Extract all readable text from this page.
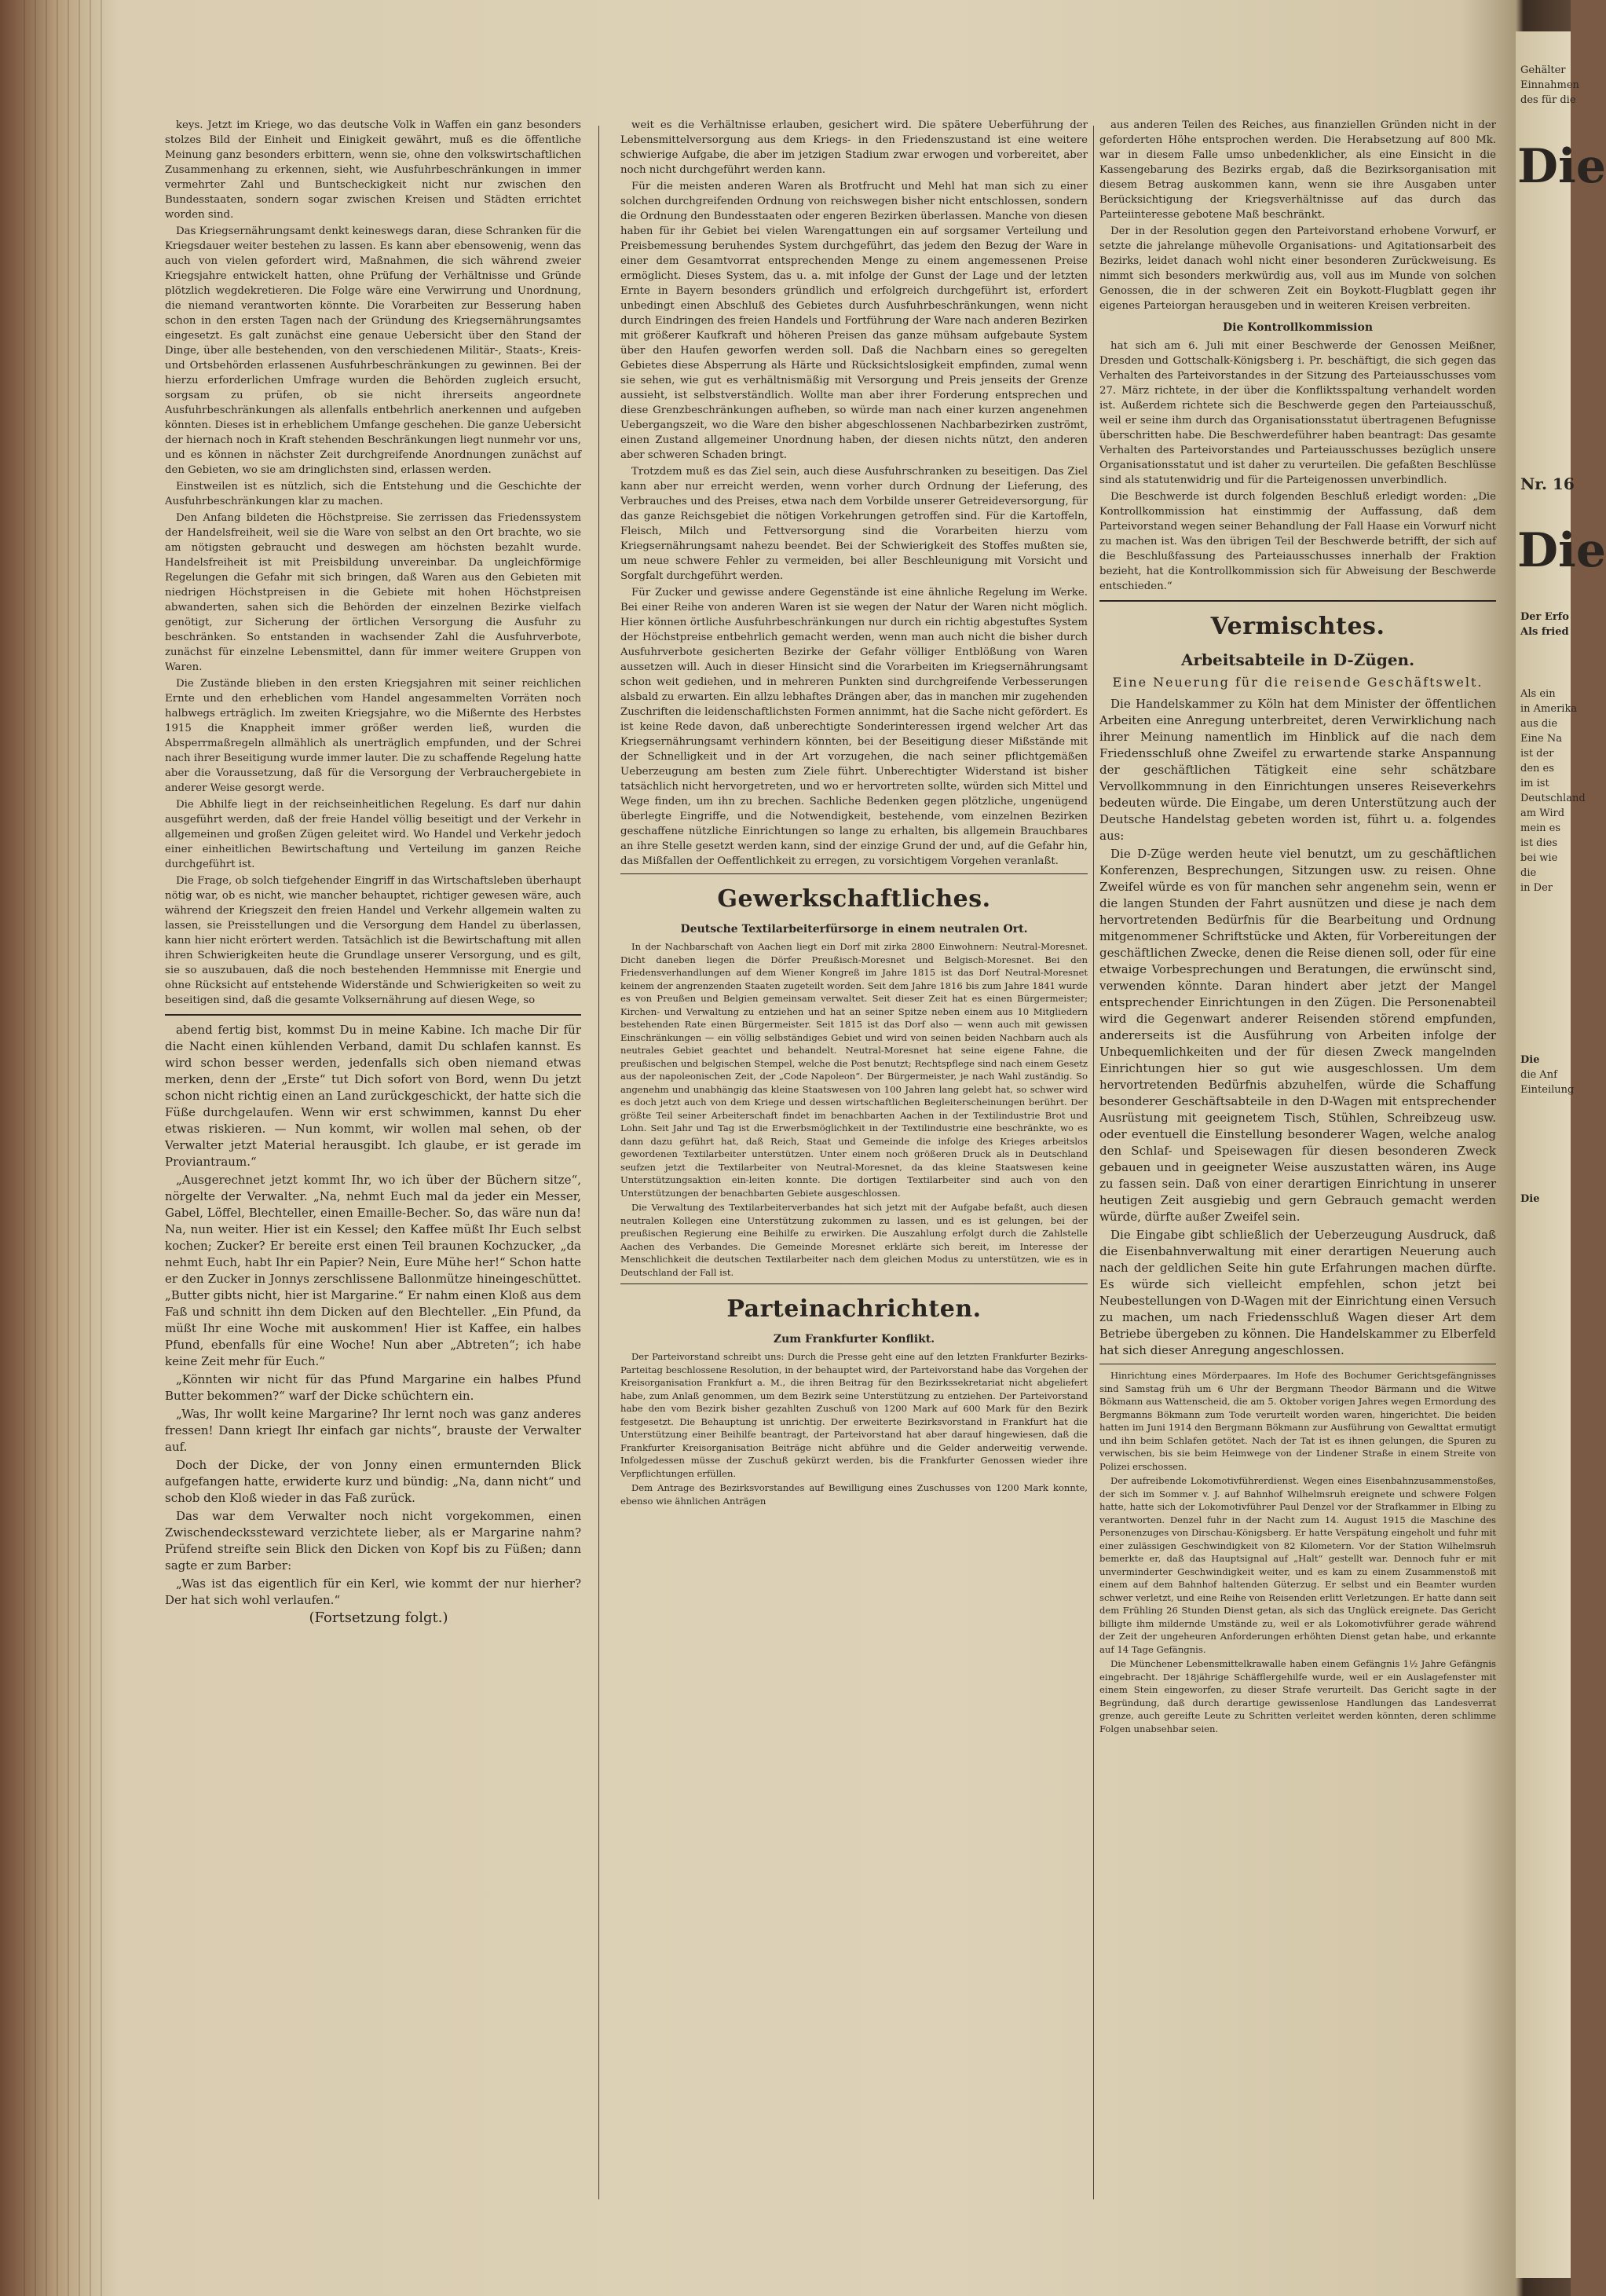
Gehälter
Einnahmen
des für die
Die
Nr. 16
Die
Der Erfo
Als fried
Als ein
in Amerika
aus die
Eine Na
ist der
den es
im ist
Deutschland
am Wird
mein es
ist dies
bei wie
die
in Der
Die
die Anf
Einteilung
Die

keys. Jetzt im Kriege, wo das deutsche Volk in Waffen ein ganz besonders stolzes Bild der Einheit und Einigkeit gewährt, muß es die öffentliche Meinung ganz besonders erbittern, wenn sie, ohne den volkswirtschaftlichen Zusammenhang zu erkennen, sieht, wie Ausfuhrbeschränkungen in immer vermehrter Zahl und Buntscheckigkeit nicht nur zwischen den Bundesstaaten, sondern sogar zwischen Kreisen und Städten errichtet worden sind.

Das Kriegsernährungsamt denkt keineswegs daran, diese Schranken für die Kriegsdauer weiter bestehen zu lassen. Es kann aber ebensowenig, wenn das auch von vielen gefordert wird, Maßnahmen, die sich während zweier Kriegsjahre entwickelt hatten, ohne Prüfung der Verhältnisse und Gründe plötzlich wegdekretieren. Die Folge wäre eine Verwirrung und Unordnung, die niemand verantworten könnte. Die Vorarbeiten zur Besserung haben schon in den ersten Tagen nach der Gründung des Kriegsernährungsamtes eingesetzt. Es galt zunächst eine genaue Uebersicht über den Stand der Dinge, über alle bestehenden, von den verschiedenen Militär-, Staats-, Kreis- und Ortsbehörden erlassenen Ausfuhrbeschränkungen zu gewinnen. Bei der hierzu erforderlichen Umfrage wurden die Behörden zugleich ersucht, sorgsam zu prüfen, ob sie nicht ihrerseits angeordnete Ausfuhrbeschränkungen als allenfalls entbehrlich anerkennen und aufgeben könnten. Dieses ist in erheblichem Umfange geschehen. Die ganze Uebersicht der hiernach noch in Kraft stehenden Beschränkungen liegt nunmehr vor uns, und es können in nächster Zeit durchgreifende Anordnungen zunächst auf den Gebieten, wo sie am dringlichsten sind, erlassen werden.

Einstweilen ist es nützlich, sich die Entstehung und die Geschichte der Ausfuhrbeschränkungen klar zu machen.

Den Anfang bildeten die Höchstpreise. Sie zerrissen das Friedenssystem der Handelsfreiheit, weil sie die Ware von selbst an den Ort brachte, wo sie am nötigsten gebraucht und deswegen am höchsten bezahlt wurde. Handelsfreiheit ist mit Preisbildung unvereinbar. Da ungleichförmige Regelungen die Gefahr mit sich bringen, daß Waren aus den Gebieten mit niedrigen Höchstpreisen in die Gebiete mit hohen Höchstpreisen abwanderten, sahen sich die Behörden der einzelnen Bezirke vielfach genötigt, zur Sicherung der örtlichen Versorgung die Ausfuhr zu beschränken. So entstanden in wachsender Zahl die Ausfuhrverbote, zunächst für einzelne Lebensmittel, dann für immer weitere Gruppen von Waren.

Die Zustände blieben in den ersten Kriegsjahren mit seiner reichlichen Ernte und den erheblichen vom Handel angesammelten Vorräten noch halbwegs erträglich. Im zweiten Kriegsjahre, wo die Mißernte des Herbstes 1915 die Knappheit immer größer werden ließ, wurden die Absperrmaßregeln allmählich als unerträglich empfunden, und der Schrei nach ihrer Beseitigung wurde immer lauter. Die zu schaffende Regelung hatte aber die Voraussetzung, daß für die Versorgung der Verbrauchergebiete in anderer Weise gesorgt werde.

Die Abhilfe liegt in der reichseinheitlichen Regelung. Es darf nur dahin ausgeführt werden, daß der freie Handel völlig beseitigt und der Verkehr in allgemeinen und großen Zügen geleitet wird. Wo Handel und Verkehr jedoch einer einheitlichen Bewirtschaftung und Verteilung im ganzen Reiche durchgeführt ist.

Die Frage, ob solch tiefgehender Eingriff in das Wirtschaftsleben überhaupt nötig war, ob es nicht, wie mancher behauptet, richtiger gewesen wäre, auch während der Kriegszeit den freien Handel und Verkehr allgemein walten zu lassen, sie Preisstellungen und die Versorgung dem Handel zu überlassen, kann hier nicht erörtert werden. Tatsächlich ist die Bewirtschaftung mit allen ihren Schwierigkeiten heute die Grundlage unserer Versorgung, und es gilt, sie so auszubauen, daß die noch bestehenden Hemmnisse mit Energie und ohne Rücksicht auf entstehende Widerstände und Schwierigkeiten so weit zu beseitigen sind, daß die gesamte Volksernährung auf diesen Wege, so

abend fertig bist, kommst Du in meine Kabine. Ich mache Dir für die Nacht einen kühlenden Verband, damit Du schlafen kannst. Es wird schon besser werden, jedenfalls sich oben niemand etwas merken, denn der „Erste“ tut Dich sofort von Bord, wenn Du jetzt schon nicht richtig einen an Land zurückgeschickt, der hatte sich die Füße durchgelaufen. Wenn wir erst schwimmen, kannst Du eher etwas riskieren. — Nun kommt, wir wollen mal sehen, ob der Verwalter jetzt Material herausgibt. Ich glaube, er ist gerade im Proviantraum.“

„Ausgerechnet jetzt kommt Ihr, wo ich über der Büchern sitze“, nörgelte der Verwalter. „Na, nehmt Euch mal da jeder ein Messer, Gabel, Löffel, Blechteller, einen Emaille-Becher. So, das wäre nun da! Na, nun weiter. Hier ist ein Kessel; den Kaffee müßt Ihr Euch selbst kochen; Zucker? Er bereite erst einen Teil braunen Kochzucker, „da nehmt Euch, habt Ihr ein Papier? Nein, Eure Mühe her!“ Schon hatte er den Zucker in Jonnys zerschlissene Ballonmütze hineingeschüttet. „Butter gibts nicht, hier ist Margarine.“ Er nahm einen Kloß aus dem Faß und schnitt ihn dem Dicken auf den Blechteller. „Ein Pfund, da müßt Ihr eine Woche mit auskommen! Hier ist Kaffee, ein halbes Pfund, ebenfalls für eine Woche! Nun aber „Abtreten“; ich habe keine Zeit mehr für Euch.“

„Könnten wir nicht für das Pfund Margarine ein halbes Pfund Butter bekommen?“ warf der Dicke schüchtern ein.

„Was, Ihr wollt keine Margarine? Ihr lernt noch was ganz anderes fressen! Dann kriegt Ihr einfach gar nichts“, brauste der Verwalter auf.

Doch der Dicke, der von Jonny einen ermunternden Blick aufgefangen hatte, erwiderte kurz und bündig: „Na, dann nicht“ und schob den Kloß wieder in das Faß zurück.

Das war dem Verwalter noch nicht vorgekommen, einen Zwischendeckssteward verzichtete lieber, als er Margarine nahm? Prüfend streifte sein Blick den Dicken von Kopf bis zu Füßen; dann sagte er zum Barber:

„Was ist das eigentlich für ein Kerl, wie kommt der nur hierher? Der hat sich wohl verlaufen.“

(Fortsetzung folgt.)

weit es die Verhältnisse erlauben, gesichert wird. Die spätere Ueberführung der Lebensmittelversorgung aus dem Kriegs- in den Friedenszustand ist eine weitere schwierige Aufgabe, die aber im jetzigen Stadium zwar erwogen und vorbereitet, aber noch nicht durchgeführt werden kann.

Für die meisten anderen Waren als Brotfrucht und Mehl hat man sich zu einer solchen durchgreifenden Ordnung von reichswegen bisher nicht entschlossen, sondern die Ordnung den Bundesstaaten oder engeren Bezirken überlassen. Manche von diesen haben für ihr Gebiet bei vielen Warengattungen ein auf sorgsamer Verteilung und Preisbemessung beruhendes System durchgeführt, das jedem den Bezug der Ware in einer dem Gesamtvorrat entsprechenden Menge zu einem angemessenen Preise ermöglicht. Dieses System, das u. a. mit infolge der Gunst der Lage und der letzten Ernte in Bayern besonders gründlich und erfolgreich durchgeführt ist, erfordert unbedingt einen Abschluß des Gebietes durch Ausfuhrbeschränkungen, wenn nicht durch Eindringen des freien Handels und Fortführung der Ware nach anderen Bezirken mit größerer Kaufkraft und höheren Preisen das ganze mühsam aufgebaute System über den Haufen geworfen werden soll. Daß die Nachbarn eines so geregelten Gebietes diese Absperrung als Härte und Rücksichtslosigkeit empfinden, zumal wenn sie sehen, wie gut es verhältnismäßig mit Versorgung und Preis jenseits der Grenze aussieht, ist selbstverständlich. Wollte man aber ihrer Forderung entsprechen und diese Grenzbeschränkungen aufheben, so würde man nach einer kurzen angenehmen Uebergangszeit, wo die Ware den bisher abgeschlossenen Nachbarbezirken zuströmt, einen Zustand allgemeiner Unordnung haben, der diesen nichts nützt, den anderen aber schweren Schaden bringt.

Trotzdem muß es das Ziel sein, auch diese Ausfuhrschranken zu beseitigen. Das Ziel kann aber nur erreicht werden, wenn vorher durch Ordnung der Lieferung, des Verbrauches und des Preises, etwa nach dem Vorbilde unserer Getreideversorgung, für das ganze Reichsgebiet die nötigen Vorkehrungen getroffen sind. Für die Kartoffeln, Fleisch, Milch und Fettversorgung sind die Vorarbeiten hierzu vom Kriegsernährungsamt nahezu beendet. Bei der Schwierigkeit des Stoffes mußten sie, um neue schwere Fehler zu vermeiden, bei aller Beschleunigung mit Vorsicht und Sorgfalt durchgeführt werden.

Für Zucker und gewisse andere Gegenstände ist eine ähnliche Regelung im Werke. Bei einer Reihe von anderen Waren ist sie wegen der Natur der Waren nicht möglich. Hier können örtliche Ausfuhrbeschränkungen nur durch ein richtig abgestuftes System der Höchstpreise entbehrlich gemacht werden, wenn man auch nicht die bisher durch Ausfuhrverbote gesicherten Bezirke der Gefahr völliger Entblößung von Waren aussetzen will. Auch in dieser Hinsicht sind die Vorarbeiten im Kriegsernährungsamt schon weit gediehen, und in mehreren Punkten sind durchgreifende Verbesserungen alsbald zu erwarten. Ein allzu lebhaftes Drängen aber, das in manchen mir zugehenden Zuschriften die leidenschaftlichsten Formen annimmt, hat die Sache nicht gefördert. Es ist keine Rede davon, daß unberechtigte Sonderinteressen irgend welcher Art das Kriegsernährungsamt verhindern könnten, bei der Beseitigung dieser Mißstände mit der Schnelligkeit und in der Art vorzugehen, die nach seiner pflichtgemäßen Ueberzeugung am besten zum Ziele führt. Unberechtigter Widerstand ist bisher tatsächlich nicht hervorgetreten, und wo er hervortreten sollte, würden sich Mittel und Wege finden, um ihn zu brechen. Sachliche Bedenken gegen plötzliche, ungenügend überlegte Eingriffe, und die Notwendigkeit, bestehende, vom einzelnen Bezirken geschaffene nützliche Einrichtungen so lange zu erhalten, bis allgemein Brauchbares an ihre Stelle gesetzt werden kann, sind der einzige Grund der und, auf die Gefahr hin, das Mißfallen der Oeffentlichkeit zu erregen, zu vorsichtigem Vorgehen veranlaßt.

Gewerkschaftliches.
Deutsche Textilarbeiterfürsorge in einem neutralen Ort.

In der Nachbarschaft von Aachen liegt ein Dorf mit zirka 2800 Einwohnern: Neutral-Moresnet. Dicht daneben liegen die Dörfer Preußisch-Moresnet und Belgisch-Moresnet. Bei den Friedensverhandlungen auf dem Wiener Kongreß im Jahre 1815 ist das Dorf Neutral-Moresnet keinem der angrenzenden Staaten zugeteilt worden. Seit dem Jahre 1816 bis zum Jahre 1841 wurde es von Preußen und Belgien gemeinsam verwaltet. Seit dieser Zeit hat es einen Bürgermeister; Kirchen- und Verwaltung zu entziehen und hat an seiner Spitze neben einem aus 10 Mitgliedern bestehenden Rate einen Bürgermeister. Seit 1815 ist das Dorf also — wenn auch mit gewissen Einschränkungen — ein völlig selbständiges Gebiet und wird von seinen beiden Nachbarn auch als neutrales Gebiet geachtet und behandelt. Neutral-Moresnet hat seine eigene Fahne, die preußischen und belgischen Stempel, welche die Post benutzt; Rechtspflege sind nach einem Gesetz aus der napoleonischen Zeit, der „Code Napoleon“. Der Bürgermeister, je nach Wahl zuständig. So angenehm und unabhängig das kleine Staatswesen von 100 Jahren lang gelebt hat, so schwer wird es doch jetzt auch von dem Kriege und dessen wirtschaftlichen Begleiterscheinungen berührt. Der größte Teil seiner Arbeiterschaft findet im benachbarten Aachen in der Textilindustrie Brot und Lohn. Seit Jahr und Tag ist die Erwerbsmöglichkeit in der Textilindustrie eine beschränkte, wo es dann dazu geführt hat, daß Reich, Staat und Gemeinde die infolge des Krieges arbeitslos gewordenen Textilarbeiter unterstützen. Unter einem noch größeren Druck als in Deutschland seufzen jetzt die Textilarbeiter von Neutral-Moresnet, da das kleine Staatswesen keine Unterstützungsaktion ein-leiten konnte. Die dortigen Textilarbeiter sind auch von den Unterstützungen der benachbarten Gebiete ausgeschlossen.

Die Verwaltung des Textilarbeiterverbandes hat sich jetzt mit der Aufgabe befaßt, auch diesen neutralen Kollegen eine Unterstützung zukommen zu lassen, und es ist gelungen, bei der preußischen Regierung eine Beihilfe zu erwirken. Die Auszahlung erfolgt durch die Zahlstelle Aachen des Verbandes. Die Gemeinde Moresnet erklärte sich bereit, im Interesse der Menschlichkeit die deutschen Textilarbeiter nach dem gleichen Modus zu unterstützen, wie es in Deutschland der Fall ist.

Parteinachrichten.
Zum Frankfurter Konflikt.

Der Parteivorstand schreibt uns: Durch die Presse geht eine auf den letzten Frankfurter Bezirks-Parteitag beschlossene Resolution, in der behauptet wird, der Parteivorstand habe das Vorgehen der Kreisorganisation Frankfurt a. M., die ihren Beitrag für den Bezirkssekretariat nicht abgeliefert habe, zum Anlaß genommen, um dem Bezirk seine Unterstützung zu entziehen. Der Parteivorstand habe den vom Bezirk bisher gezahlten Zuschuß von 1200 Mark auf 600 Mark für den Bezirk festgesetzt. Die Behauptung ist unrichtig. Der erweiterte Bezirksvorstand in Frankfurt hat die Unterstützung einer Beihilfe beantragt, der Parteivorstand hat aber darauf hingewiesen, daß die Frankfurter Kreisorganisation Beiträge nicht abführe und die Gelder anderweitig verwende. Infolgedessen müsse der Zuschuß gekürzt werden, bis die Frankfurter Genossen wieder ihre Verpflichtungen erfüllen.

Dem Antrage des Bezirksvorstandes auf Bewilligung eines Zuschusses von 1200 Mark konnte, ebenso wie ähnlichen Anträgen

aus anderen Teilen des Reiches, aus finanziellen Gründen nicht in der geforderten Höhe entsprochen werden. Die Herabsetzung auf 800 Mk. war in diesem Falle umso unbedenklicher, als eine Einsicht in die Kassengebarung des Bezirks ergab, daß die Bezirksorganisation mit diesem Betrag auskommen kann, wenn sie ihre Ausgaben unter Berücksichtigung der Kriegsverhältnisse auf das durch das Parteiinteresse gebotene Maß beschränkt.

Der in der Resolution gegen den Parteivorstand erhobene Vorwurf, er setzte die jahrelange mühevolle Organisations- und Agitationsarbeit des Bezirks, leidet danach wohl nicht einer besonderen Zurückweisung. Es nimmt sich besonders merkwürdig aus, voll aus im Munde von solchen Genossen, die in der schweren Zeit ein Boykott-Flugblatt gegen ihr eigenes Parteiorgan herausgeben und in weiteren Kreisen verbreiten.

Die Kontrollkommission

hat sich am 6. Juli mit einer Beschwerde der Genossen Meißner, Dresden und Gottschalk-Königsberg i. Pr. beschäftigt, die sich gegen das Verhalten des Parteivorstandes in der Sitzung des Parteiausschusses vom 27. März richtete, in der über die Konfliktsspaltung verhandelt worden ist. Außerdem richtete sich die Beschwerde gegen den Parteiausschuß, weil er seine ihm durch das Organisationsstatut übertragenen Befugnisse überschritten habe. Die Beschwerdeführer haben beantragt: Das gesamte Verhalten des Parteivorstandes und Parteiausschusses bezüglich unsere Organisationsstatut und ist daher zu verurteilen. Die gefaßten Beschlüsse sind als statutenwidrig und für die Parteigenossen unverbindlich.

Die Beschwerde ist durch folgenden Beschluß erledigt worden: „Die Kontrollkommission hat einstimmig der Auffassung, daß dem Parteivorstand wegen seiner Behandlung der Fall Haase ein Vorwurf nicht zu machen ist. Was den übrigen Teil der Beschwerde betrifft, der sich auf die Beschlußfassung des Parteiausschusses innerhalb der Fraktion bezieht, hat die Kontrollkommission sich für Abweisung der Beschwerde entschieden.“

Vermischtes.
Arbeitsabteile in D-Zügen.
Eine Neuerung für die reisende Geschäftswelt.

Die Handelskammer zu Köln hat dem Minister der öffentlichen Arbeiten eine Anregung unterbreitet, deren Verwirklichung nach ihrer Meinung namentlich im Hinblick auf die nach dem Friedensschluß ohne Zweifel zu erwartende starke Anspannung der geschäftlichen Tätigkeit eine sehr schätzbare Vervollkommnung in den Einrichtungen unseres Reiseverkehrs bedeuten würde. Die Eingabe, um deren Unterstützung auch der Deutsche Handelstag gebeten worden ist, führt u. a. folgendes aus:

Die D-Züge werden heute viel benutzt, um zu geschäftlichen Konferenzen, Besprechungen, Sitzungen usw. zu reisen. Ohne Zweifel würde es von für manchen sehr angenehm sein, wenn er die langen Stunden der Fahrt ausnützen und diese je nach dem hervortretenden Bedürfnis für die Bearbeitung und Ordnung mitgenommener Schriftstücke und Akten, für Vorbereitungen der geschäftlichen Zwecke, denen die Reise dienen soll, oder für eine etwaige Vorbesprechungen und Beratungen, die erwünscht sind, verwenden könnte. Daran hindert aber jetzt der Mangel entsprechender Einrichtungen in den Zügen. Die Personenabteil wird die Gegenwart anderer Reisenden störend empfunden, andererseits ist die Ausführung von Arbeiten infolge der Unbequemlichkeiten und der für diesen Zweck mangelnden Einrichtungen hier so gut wie ausgeschlossen. Um dem hervortretenden Bedürfnis abzuhelfen, würde die Schaffung besonderer Geschäftsabteile in den D-Wagen mit entsprechender Ausrüstung mit geeignetem Tisch, Stühlen, Schreibzeug usw. oder eventuell die Einstellung besonderer Wagen, welche analog den Schlaf- und Speisewagen für diesen besonderen Zweck gebauen und in geeigneter Weise auszustatten wären, ins Auge zu fassen sein. Daß von einer derartigen Einrichtung in unserer heutigen Zeit ausgiebig und gern Gebrauch gemacht werden würde, dürfte außer Zweifel sein.

Die Eingabe gibt schließlich der Ueberzeugung Ausdruck, daß die Eisenbahnverwaltung mit einer derartigen Neuerung auch nach der geldlichen Seite hin gute Erfahrungen machen dürfte. Es würde sich vielleicht empfehlen, schon jetzt bei Neubestellungen von D-Wagen mit der Einrichtung einen Versuch zu machen, um nach Friedensschluß Wagen dieser Art dem Betriebe übergeben zu können. Die Handelskammer zu Elberfeld hat sich dieser Anregung angeschlossen.

Hinrichtung eines Mörderpaares. Im Hofe des Bochumer Gerichtsgefängnisses sind Samstag früh um 6 Uhr der Bergmann Theodor Bärmann und die Witwe Bökmann aus Wattenscheid, die am 5. Oktober vorigen Jahres wegen Ermordung des Bergmanns Bökmann zum Tode verurteilt worden waren, hingerichtet. Die beiden hatten im Juni 1914 den Bergmann Bökmann zur Ausführung von Gewalttat ermutigt und ihn beim Schlafen getötet. Nach der Tat ist es ihnen gelungen, die Spuren zu verwischen, bis sie beim Heimwege von der Lindener Straße in einem Streite von Polizei erschossen.

Der aufreibende Lokomotivführerdienst. Wegen eines Eisenbahnzusammenstoßes, der sich im Sommer v. J. auf Bahnhof Wilhelmsruh ereignete und schwere Folgen hatte, hatte sich der Lokomotivführer Paul Denzel vor der Strafkammer in Elbing zu verantworten. Denzel fuhr in der Nacht zum 14. August 1915 die Maschine des Personenzuges von Dirschau-Königsberg. Er hatte Verspätung eingeholt und fuhr mit einer zulässigen Geschwindigkeit von 82 Kilometern. Vor der Station Wilhelmsruh bemerkte er, daß das Hauptsignal auf „Halt“ gestellt war. Dennoch fuhr er mit unverminderter Geschwindigkeit weiter, und es kam zu einem Zusammenstoß mit einem auf dem Bahnhof haltenden Güterzug. Er selbst und ein Beamter wurden schwer verletzt, und eine Reihe von Reisenden erlitt Verletzungen. Er hatte dann seit dem Frühling 26 Stunden Dienst getan, als sich das Unglück ereignete. Das Gericht billigte ihm mildernde Umstände zu, weil er als Lokomotivführer gerade während der Zeit der ungeheuren Anforderungen erhöhten Dienst getan habe, und erkannte auf 14 Tage Gefängnis.

Die Münchener Lebensmittelkrawalle haben einem Gefängnis 1½ Jahre Gefängnis eingebracht. Der 18jährige Schäfflergehilfe wurde, weil er ein Auslagefenster mit einem Stein eingeworfen, zu dieser Strafe verurteilt. Das Gericht sagte in der Begründung, daß durch derartige gewissenlose Handlungen das Landesverrat grenze, auch gereifte Leute zu Schritten verleitet werden könnten, deren schlimme Folgen unabsehbar seien.
